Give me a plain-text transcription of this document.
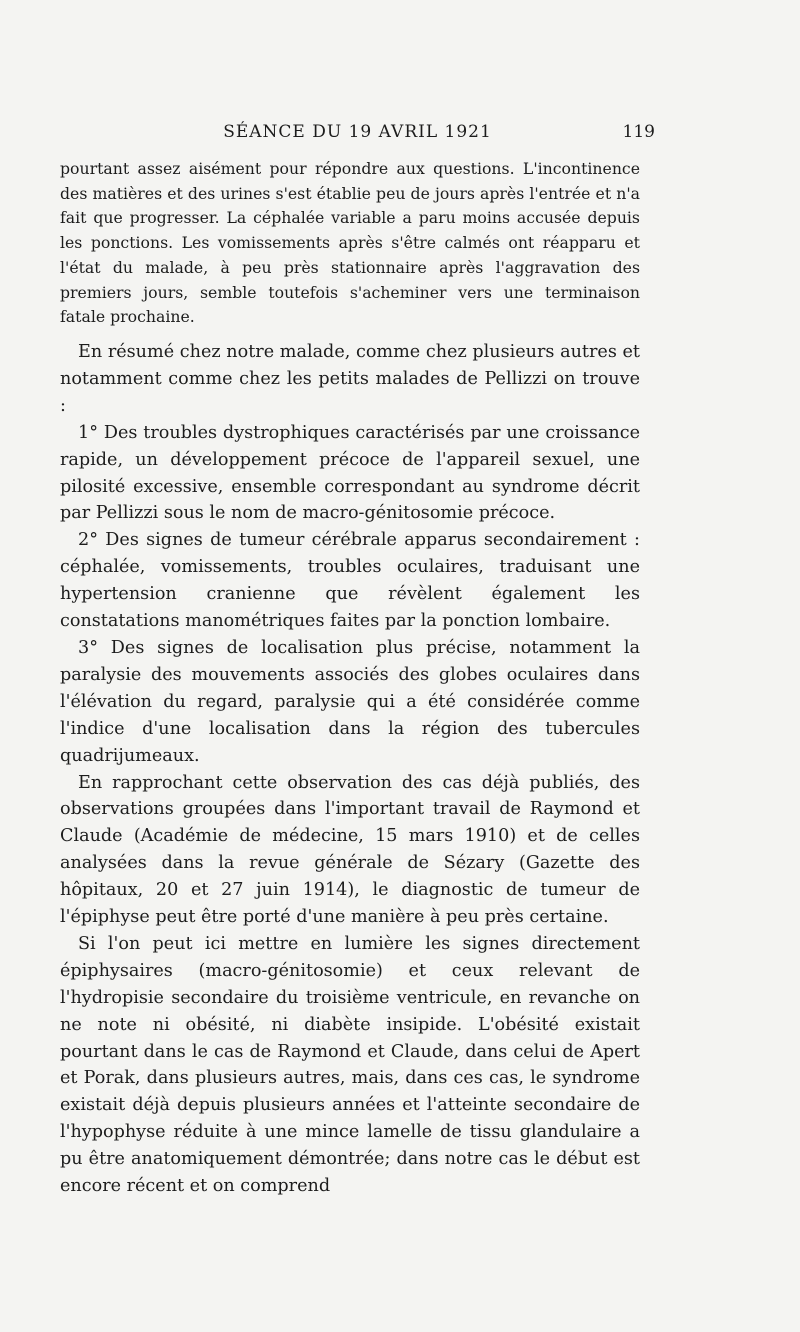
SÉANCE DU 19 AVRIL 1921	119

pourtant assez aisément pour répondre aux questions. L'incontinence des matières et des urines s'est établie peu de jours après l'entrée et n'a fait que progresser. La céphalée variable a paru moins accusée depuis les ponctions. Les vomissements après s'être calmés ont réapparu et l'état du malade, à peu près stationnaire après l'aggravation des premiers jours, semble toutefois s'acheminer vers une terminaison fatale prochaine.

En résumé chez notre malade, comme chez plusieurs autres et notamment comme chez les petits malades de Pellizzi on trouve :

1° Des troubles dystrophiques caractérisés par une croissance rapide, un développement précoce de l'appareil sexuel, une pilosité excessive, ensemble correspondant au syndrome décrit par Pellizzi sous le nom de macro-génitosomie précoce.

2° Des signes de tumeur cérébrale apparus secondairement : céphalée, vomissements, troubles oculaires, traduisant une hypertension cranienne que révèlent également les constatations manométriques faites par la ponction lombaire.

3° Des signes de localisation plus précise, notamment la paralysie des mouvements associés des globes oculaires dans l'élévation du regard, paralysie qui a été considérée comme l'indice d'une localisation dans la région des tubercules quadrijumeaux.

En rapprochant cette observation des cas déjà publiés, des observations groupées dans l'important travail de Raymond et Claude (Académie de médecine, 15 mars 1910) et de celles analysées dans la revue générale de Sézary (Gazette des hôpitaux, 20 et 27 juin 1914), le diagnostic de tumeur de l'épiphyse peut être porté d'une manière à peu près certaine.

Si l'on peut ici mettre en lumière les signes directement épiphysaires (macro-génitosomie) et ceux relevant de l'hydropisie secondaire du troisième ventricule, en revanche on ne note ni obésité, ni diabète insipide. L'obésité existait pourtant dans le cas de Raymond et Claude, dans celui de Apert et Porak, dans plusieurs autres, mais, dans ces cas, le syndrome existait déjà depuis plusieurs années et l'atteinte secondaire de l'hypophyse réduite à une mince lamelle de tissu glandulaire a pu être anatomiquement démontrée; dans notre cas le début est encore récent et on comprend
